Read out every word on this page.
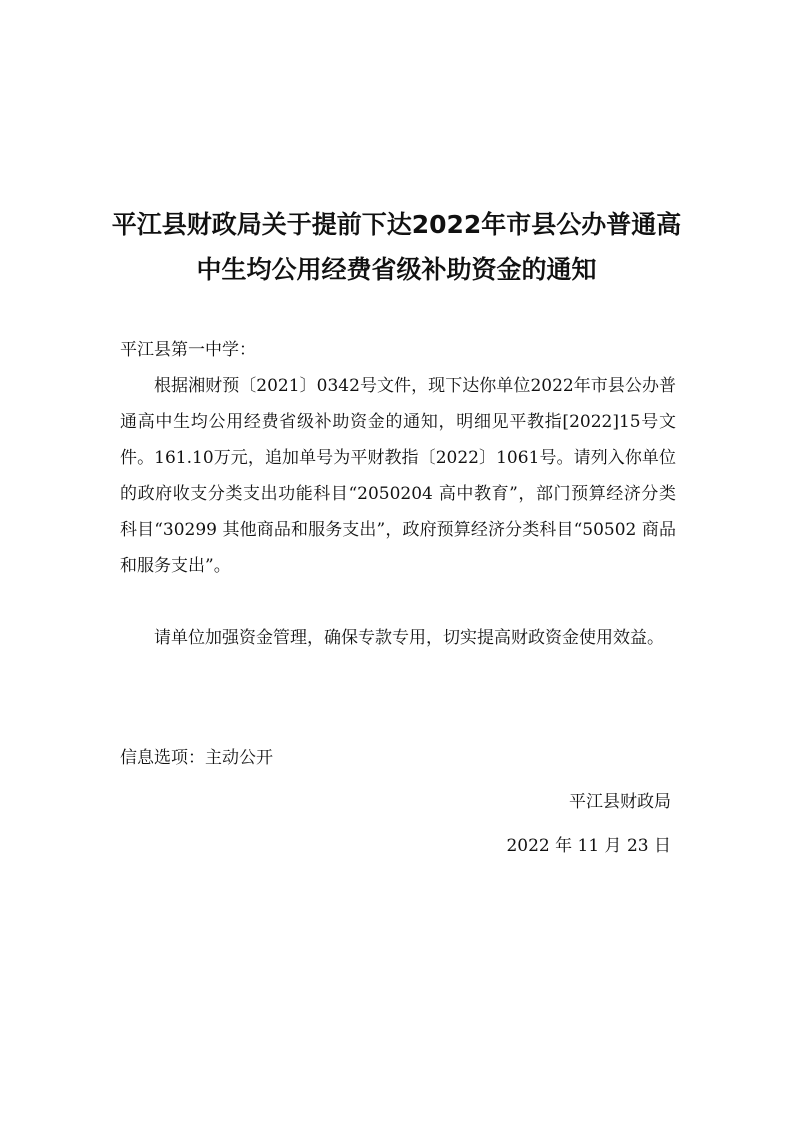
平江县财政局关于提前下达2022年市县公办普通高
中生均公用经费省级补助资金的通知
平江县第一中学：
根据湘财预〔2021〕0342号文件，现下达你单位2022年市县公办普通高中生均公用经费省级补助资金的通知，明细见平教指[2022]15号文件。161.10万元，追加单号为平财教指〔2022〕1061号。请列入你单位的政府收支分类支出功能科目“2050204 高中教育”，部门预算经济分类科目“30299 其他商品和服务支出”，政府预算经济分类科目“50502 商品和服务支出”。
请单位加强资金管理，确保专款专用，切实提高财政资金使用效益。
信息选项：主动公开
平江县财政局
2022 年 11 月 23 日
